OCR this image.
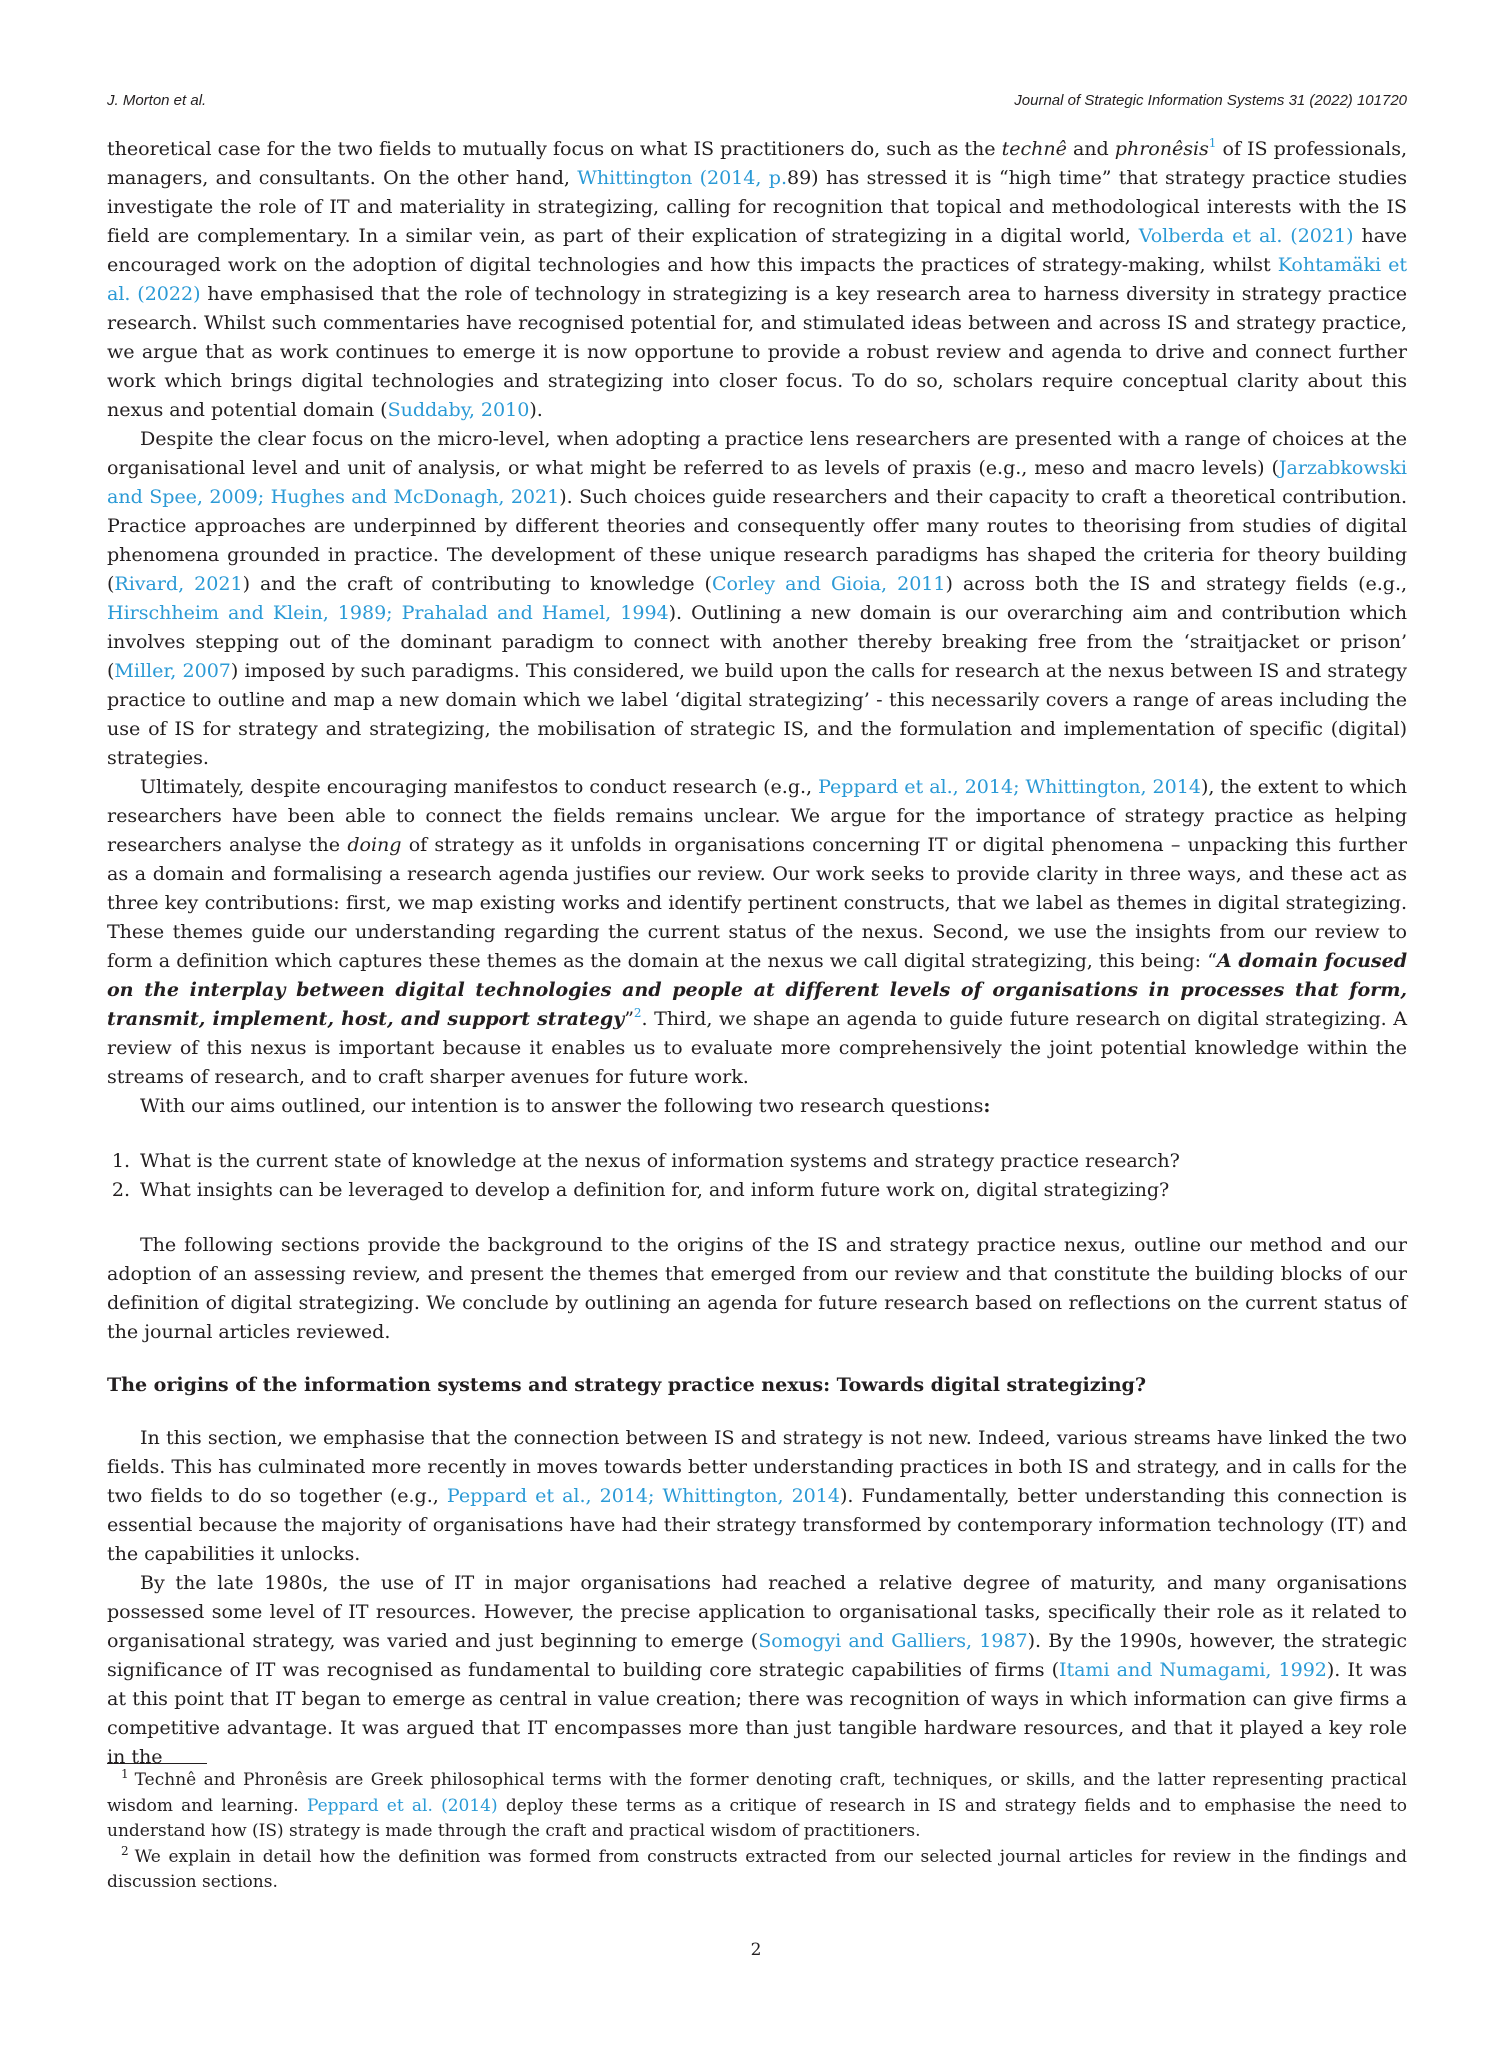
J. Morton et al.	Journal of Strategic Information Systems 31 (2022) 101720

theoretical case for the two fields to mutually focus on what IS practitioners do, such as the technê and phronêsis$^1$ of IS professionals, managers, and consultants. On the other hand, Whittington (2014, p.89) has stressed it is “high time” that strategy practice studies investigate the role of IT and materiality in strategizing, calling for recognition that topical and methodological interests with the IS field are complementary. In a similar vein, as part of their explication of strategizing in a digital world, Volberda et al. (2021) have encouraged work on the adoption of digital technologies and how this impacts the practices of strategy-making, whilst Kohtamäki et al. (2022) have emphasised that the role of technology in strategizing is a key research area to harness diversity in strategy practice research. Whilst such commentaries have recognised potential for, and stimulated ideas between and across IS and strategy practice, we argue that as work continues to emerge it is now opportune to provide a robust review and agenda to drive and connect further work which brings digital technologies and strategizing into closer focus. To do so, scholars require conceptual clarity about this nexus and potential domain (Suddaby, 2010).

Despite the clear focus on the micro-level, when adopting a practice lens researchers are presented with a range of choices at the organisational level and unit of analysis, or what might be referred to as levels of praxis (e.g., meso and macro levels) (Jarzabkowski and Spee, 2009; Hughes and McDonagh, 2021). Such choices guide researchers and their capacity to craft a theoretical contribution. Practice approaches are underpinned by different theories and consequently offer many routes to theorising from studies of digital phenomena grounded in practice. The development of these unique research paradigms has shaped the criteria for theory building (Rivard, 2021) and the craft of contributing to knowledge (Corley and Gioia, 2011) across both the IS and strategy fields (e.g., Hirschheim and Klein, 1989; Prahalad and Hamel, 1994). Outlining a new domain is our overarching aim and contribution which involves stepping out of the dominant paradigm to connect with another thereby breaking free from the ‘straitjacket or prison’ (Miller, 2007) imposed by such paradigms. This considered, we build upon the calls for research at the nexus between IS and strategy practice to outline and map a new domain which we label ‘digital strategizing’ - this necessarily covers a range of areas including the use of IS for strategy and strategizing, the mobilisation of strategic IS, and the formulation and implementation of specific (digital) strategies.

Ultimately, despite encouraging manifestos to conduct research (e.g., Peppard et al., 2014; Whittington, 2014), the extent to which researchers have been able to connect the fields remains unclear. We argue for the importance of strategy practice as helping researchers analyse the doing of strategy as it unfolds in organisations concerning IT or digital phenomena – unpacking this further as a domain and formalising a research agenda justifies our review. Our work seeks to provide clarity in three ways, and these act as three key contributions: first, we map existing works and identify pertinent constructs, that we label as themes in digital strategizing. These themes guide our understanding regarding the current status of the nexus. Second, we use the insights from our review to form a definition which captures these themes as the domain at the nexus we call digital strategizing, this being: “A domain focused on the interplay between digital technologies and people at different levels of organisations in processes that form, transmit, implement, host, and support strategy”$^2$. Third, we shape an agenda to guide future research on digital strategizing. A review of this nexus is important because it enables us to evaluate more comprehensively the joint potential knowledge within the streams of research, and to craft sharper avenues for future work.

With our aims outlined, our intention is to answer the following two research questions:

1. What is the current state of knowledge at the nexus of information systems and strategy practice research?
2. What insights can be leveraged to develop a definition for, and inform future work on, digital strategizing?

The following sections provide the background to the origins of the IS and strategy practice nexus, outline our method and our adoption of an assessing review, and present the themes that emerged from our review and that constitute the building blocks of our definition of digital strategizing. We conclude by outlining an agenda for future research based on reflections on the current status of the journal articles reviewed.

The origins of the information systems and strategy practice nexus: Towards digital strategizing?

In this section, we emphasise that the connection between IS and strategy is not new. Indeed, various streams have linked the two fields. This has culminated more recently in moves towards better understanding practices in both IS and strategy, and in calls for the two fields to do so together (e.g., Peppard et al., 2014; Whittington, 2014). Fundamentally, better understanding this connection is essential because the majority of organisations have had their strategy transformed by contemporary information technology (IT) and the capabilities it unlocks.

By the late 1980s, the use of IT in major organisations had reached a relative degree of maturity, and many organisations possessed some level of IT resources. However, the precise application to organisational tasks, specifically their role as it related to organisational strategy, was varied and just beginning to emerge (Somogyi and Galliers, 1987). By the 1990s, however, the strategic significance of IT was recognised as fundamental to building core strategic capabilities of firms (Itami and Numagami, 1992). It was at this point that IT began to emerge as central in value creation; there was recognition of ways in which information can give firms a competitive advantage. It was argued that IT encompasses more than just tangible hardware resources, and that it played a key role in the

$^1$ Technê and Phronêsis are Greek philosophical terms with the former denoting craft, techniques, or skills, and the latter representing practical wisdom and learning. Peppard et al. (2014) deploy these terms as a critique of research in IS and strategy fields and to emphasise the need to understand how (IS) strategy is made through the craft and practical wisdom of practitioners.

$^2$ We explain in detail how the definition was formed from constructs extracted from our selected journal articles for review in the findings and discussion sections.

2
